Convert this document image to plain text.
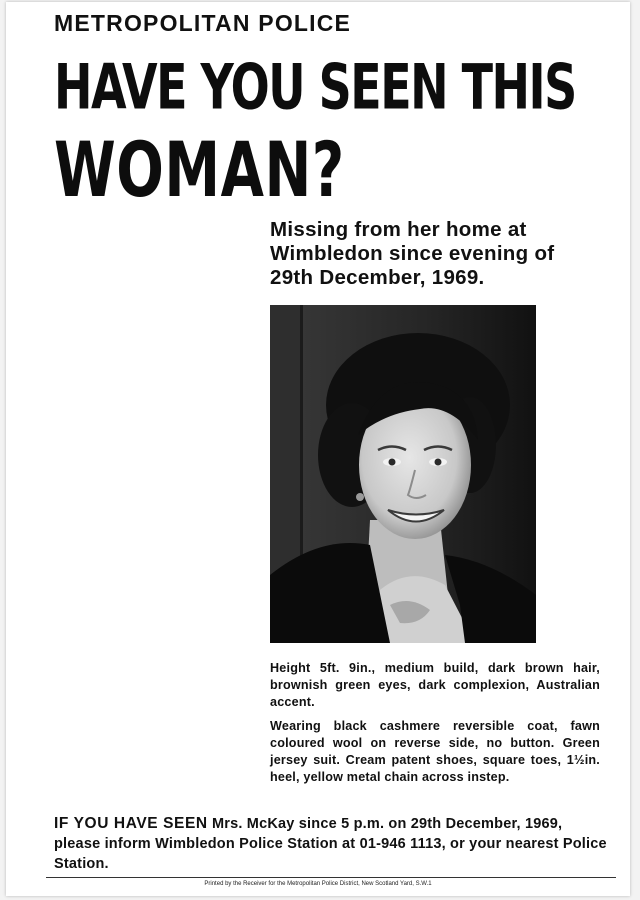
METROPOLITAN POLICE
HAVE YOU SEEN THIS
WOMAN?
Missing from her home at Wimbledon since evening of 29th December, 1969.
Height 5ft. 9in., medium build, dark brown hair, brownish green eyes, dark complexion, Australian accent.
Wearing black cashmere reversible coat, fawn coloured wool on reverse side, no button. Green jersey suit. Cream patent shoes, square toes, 1½in. heel, yellow metal chain across instep.
IF YOU HAVE SEEN Mrs. McKay since 5 p.m. on 29th December, 1969, please inform Wimbledon Police Station at 01-946 1113, or your nearest Police Station.
Printed by the Receiver for the Metropolitan Police District, New Scotland Yard, S.W.1
